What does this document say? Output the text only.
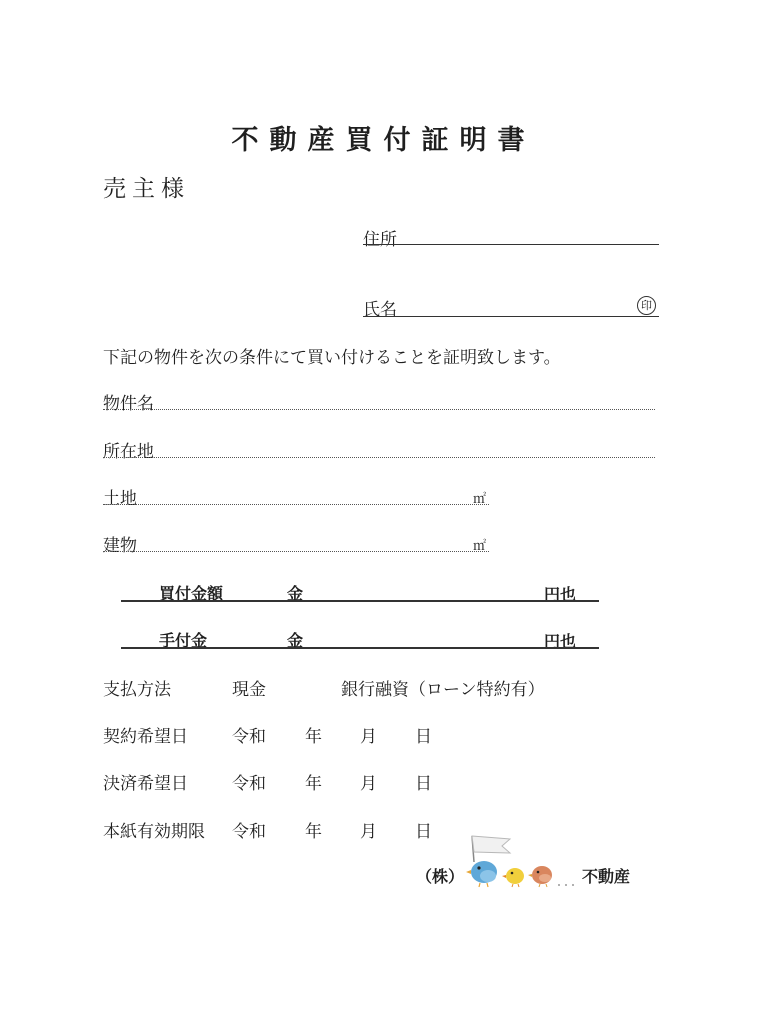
不動産買付証明書
売主様
住所
氏名	印
下記の物件を次の条件にて買い付けることを証明致します。
物件名
所在地
土地	㎡
建物	㎡
買付金額	金	円也
手付金	金	円也
支払方法	現金	銀行融資（ローン特約有）
契約希望日	令和 年 月 日
決済希望日	令和 年 月 日
本紙有効期限 令和 年 月 日
（株）	不動産
